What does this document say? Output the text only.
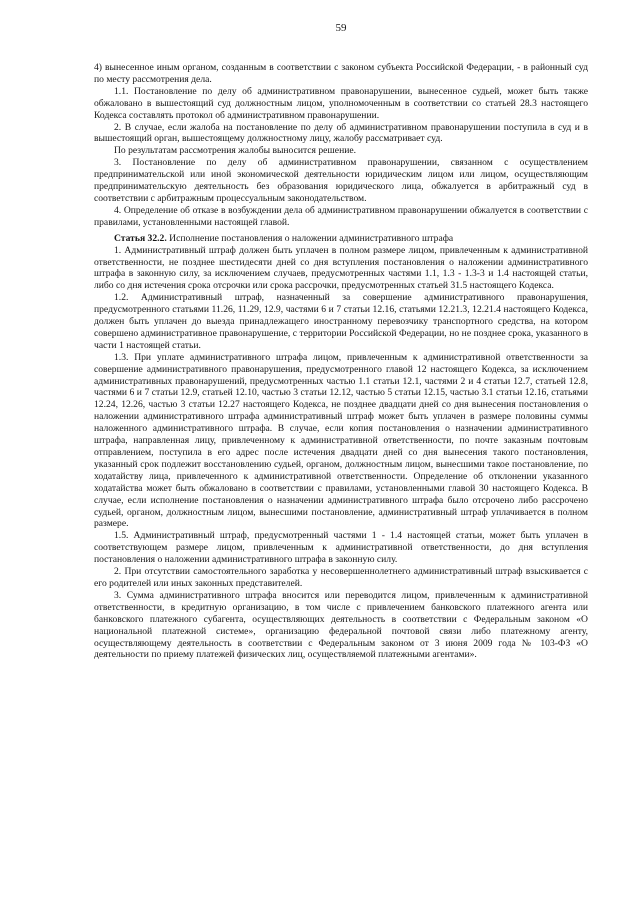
59

4) вынесенное иным органом, созданным в соответствии с законом субъекта Российской Федерации, - в районный суд по месту рассмотрения дела.

1.1. Постановление по делу об административном правонарушении, вынесенное судьей, может быть также обжаловано в вышестоящий суд должностным лицом, уполномоченным в соответствии со статьей 28.3 настоящего Кодекса составлять протокол об административном правонарушении.

2. В случае, если жалоба на постановление по делу об административном правонарушении поступила в суд и в вышестоящий орган, вышестоящему должностному лицу, жалобу рассматривает суд.

По результатам рассмотрения жалобы выносится решение.

3. Постановление по делу об административном правонарушении, связанном с осуществлением предпринимательской или иной экономической деятельности юридическим лицом или лицом, осуществляющим предпринимательскую деятельность без образования юридического лица, обжалуется в арбитражный суд в соответствии с арбитражным процессуальным законодательством.

4. Определение об отказе в возбуждении дела об административном правонарушении обжалуется в соответствии с правилами, установленными настоящей главой.

Статья 32.2. Исполнение постановления о наложении административного штрафа

1. Административный штраф должен быть уплачен в полном размере лицом, привлеченным к административной ответственности, не позднее шестидесяти дней со дня вступления постановления о наложении административного штрафа в законную силу, за исключением случаев, предусмотренных частями 1.1, 1.3 - 1.3-3 и 1.4 настоящей статьи, либо со дня истечения срока отсрочки или срока рассрочки, предусмотренных статьей 31.5 настоящего Кодекса.

1.2. Административный штраф, назначенный за совершение административного правонарушения, предусмотренного статьями 11.26, 11.29, 12.9, частями 6 и 7 статьи 12.16, статьями 12.21.3, 12.21.4 настоящего Кодекса, должен быть уплачен до выезда принадлежащего иностранному перевозчику транспортного средства, на котором совершено административное правонарушение, с территории Российской Федерации, но не позднее срока, указанного в части 1 настоящей статьи.

1.3. При уплате административного штрафа лицом, привлеченным к административной ответственности за совершение административного правонарушения, предусмотренного главой 12 настоящего Кодекса, за исключением административных правонарушений, предусмотренных частью 1.1 статьи 12.1, частями 2 и 4 статьи 12.7, статьей 12.8, частями 6 и 7 статьи 12.9, статьей 12.10, частью 3 статьи 12.12, частью 5 статьи 12.15, частью 3.1 статьи 12.16, статьями 12.24, 12.26, частью 3 статьи 12.27 настоящего Кодекса, не позднее двадцати дней со дня вынесения постановления о наложении административного штрафа административный штраф может быть уплачен в размере половины суммы наложенного административного штрафа. В случае, если копия постановления о назначении административного штрафа, направленная лицу, привлеченному к административной ответственности, по почте заказным почтовым отправлением, поступила в его адрес после истечения двадцати дней со дня вынесения такого постановления, указанный срок подлежит восстановлению судьей, органом, должностным лицом, вынесшими такое постановление, по ходатайству лица, привлеченного к административной ответственности. Определение об отклонении указанного ходатайства может быть обжаловано в соответствии с правилами, установленными главой 30 настоящего Кодекса. В случае, если исполнение постановления о назначении административного штрафа было отсрочено либо рассрочено судьей, органом, должностным лицом, вынесшими постановление, административный штраф уплачивается в полном размере.

1.5. Административный штраф, предусмотренный частями 1 - 1.4 настоящей статьи, может быть уплачен в соответствующем размере лицом, привлеченным к административной ответственности, до дня вступления постановления о наложении административного штрафа в законную силу.

2. При отсутствии самостоятельного заработка у несовершеннолетнего административный штраф взыскивается с его родителей или иных законных представителей.

3. Сумма административного штрафа вносится или переводится лицом, привлеченным к административной ответственности, в кредитную организацию, в том числе с привлечением банковского платежного агента или банковского платежного субагента, осуществляющих деятельность в соответствии с Федеральным законом «О национальной платежной системе», организацию федеральной почтовой связи либо платежному агенту, осуществляющему деятельность в соответствии с Федеральным законом от 3 июня 2009 года № 103-ФЗ «О деятельности по приему платежей физических лиц, осуществляемой платежными агентами».
